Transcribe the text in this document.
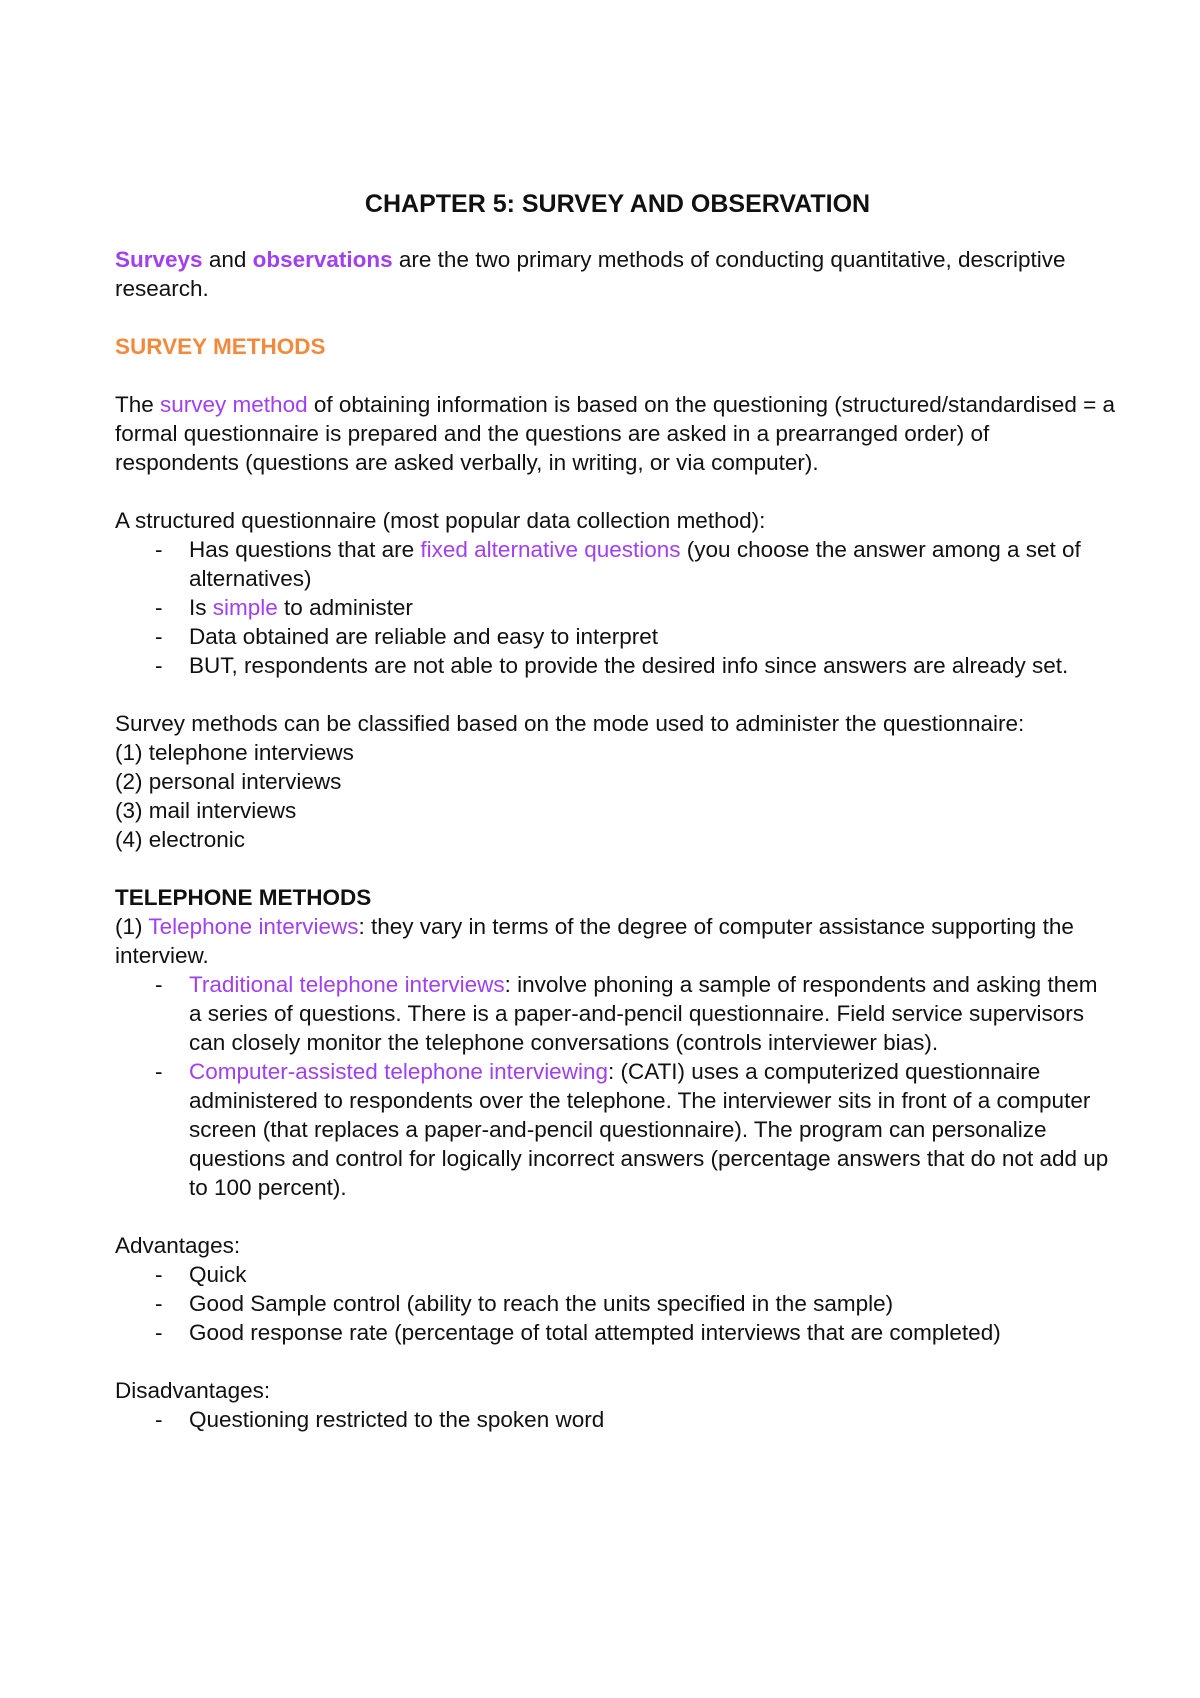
CHAPTER 5: SURVEY AND OBSERVATION

Surveys and observations are the two primary methods of conducting quantitative, descriptive research.

SURVEY METHODS

The survey method of obtaining information is based on the questioning (structured/standardised = a formal questionnaire is prepared and the questions are asked in a prearranged order) of respondents (questions are asked verbally, in writing, or via computer).

A structured questionnaire (most popular data collection method):

- Has questions that are fixed alternative questions (you choose the answer among a set of alternatives)
- Is simple to administer
- Data obtained are reliable and easy to interpret
- BUT, respondents are not able to provide the desired info since answers are already set.

Survey methods can be classified based on the mode used to administer the questionnaire:

(1) telephone interviews

(2) personal interviews

(3) mail interviews

(4) electronic

TELEPHONE METHODS

(1) Telephone interviews: they vary in terms of the degree of computer assistance supporting the interview.

- Traditional telephone interviews: involve phoning a sample of respondents and asking them a series of questions. There is a paper-and-pencil questionnaire. Field service supervisors can closely monitor the telephone conversations (controls interviewer bias).
- Computer-assisted telephone interviewing: (CATI) uses a computerized questionnaire administered to respondents over the telephone. The interviewer sits in front of a computer screen (that replaces a paper-and-pencil questionnaire). The program can personalize questions and control for logically incorrect answers (percentage answers that do not add up to 100 percent).

Advantages:

- Quick
- Good Sample control (ability to reach the units specified in the sample)
- Good response rate (percentage of total attempted interviews that are completed)

Disadvantages:

- Questioning restricted to the spoken word
